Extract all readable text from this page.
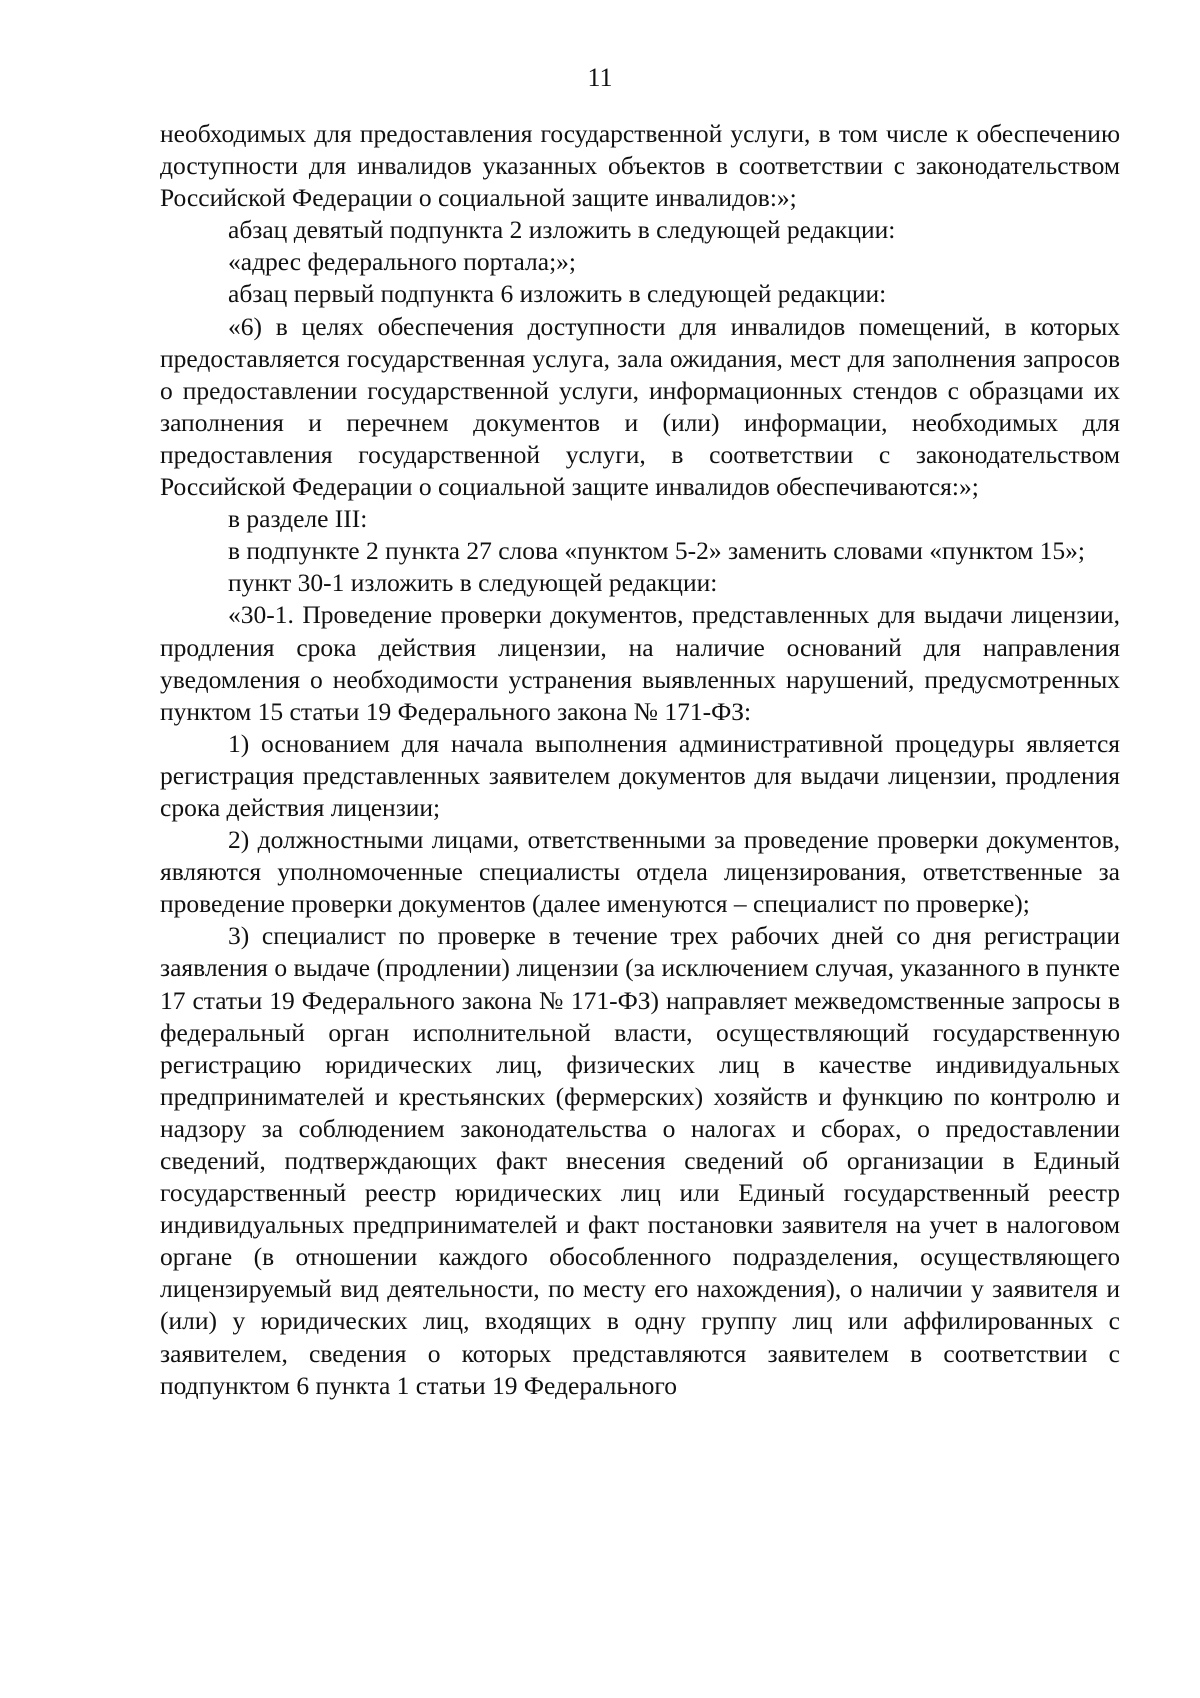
11

необходимых для предоставления государственной услуги, в том числе к обеспечению доступности для инвалидов указанных объектов в соответствии с законодательством Российской Федерации о социальной защите инвалидов:»;

абзац девятый подпункта 2 изложить в следующей редакции:

«адрес федерального портала;»;

абзац первый подпункта 6 изложить в следующей редакции:

«6) в целях обеспечения доступности для инвалидов помещений, в которых предоставляется государственная услуга, зала ожидания, мест для заполнения запросов о предоставлении государственной услуги, информационных стендов с образцами их заполнения и перечнем документов и (или) информации, необходимых для предоставления государственной услуги, в соответствии с законодательством Российской Федерации о социальной защите инвалидов обеспечиваются:»;

в разделе III:

в подпункте 2 пункта 27 слова «пунктом 5-2» заменить словами «пунктом 15»;

пункт 30-1 изложить в следующей редакции:

«30-1. Проведение проверки документов, представленных для выдачи лицензии, продления срока действия лицензии, на наличие оснований для направления уведомления о необходимости устранения выявленных нарушений, предусмотренных пунктом 15 статьи 19 Федерального закона № 171-ФЗ:

1) основанием для начала выполнения административной процедуры является регистрация представленных заявителем документов для выдачи лицензии, продления срока действия лицензии;

2) должностными лицами, ответственными за проведение проверки документов, являются уполномоченные специалисты отдела лицензирования, ответственные за проведение проверки документов (далее именуются – специалист по проверке);

3) специалист по проверке в течение трех рабочих дней со дня регистрации заявления о выдаче (продлении) лицензии (за исключением случая, указанного в пункте 17 статьи 19 Федерального закона № 171-ФЗ) направляет межведомственные запросы в федеральный орган исполнительной власти, осуществляющий государственную регистрацию юридических лиц, физических лиц в качестве индивидуальных предпринимателей и крестьянских (фермерских) хозяйств и функцию по контролю и надзору за соблюдением законодательства о налогах и сборах, о предоставлении сведений, подтверждающих факт внесения сведений об организации в Единый государственный реестр юридических лиц или Единый государственный реестр индивидуальных предпринимателей и факт постановки заявителя на учет в налоговом органе (в отношении каждого обособленного подразделения, осуществляющего лицензируемый вид деятельности, по месту его нахождения), о наличии у заявителя и (или) у юридических лиц, входящих в одну группу лиц или аффилированных с заявителем, сведения о которых представляются заявителем в соответствии с подпунктом 6 пункта 1 статьи 19 Федерального
